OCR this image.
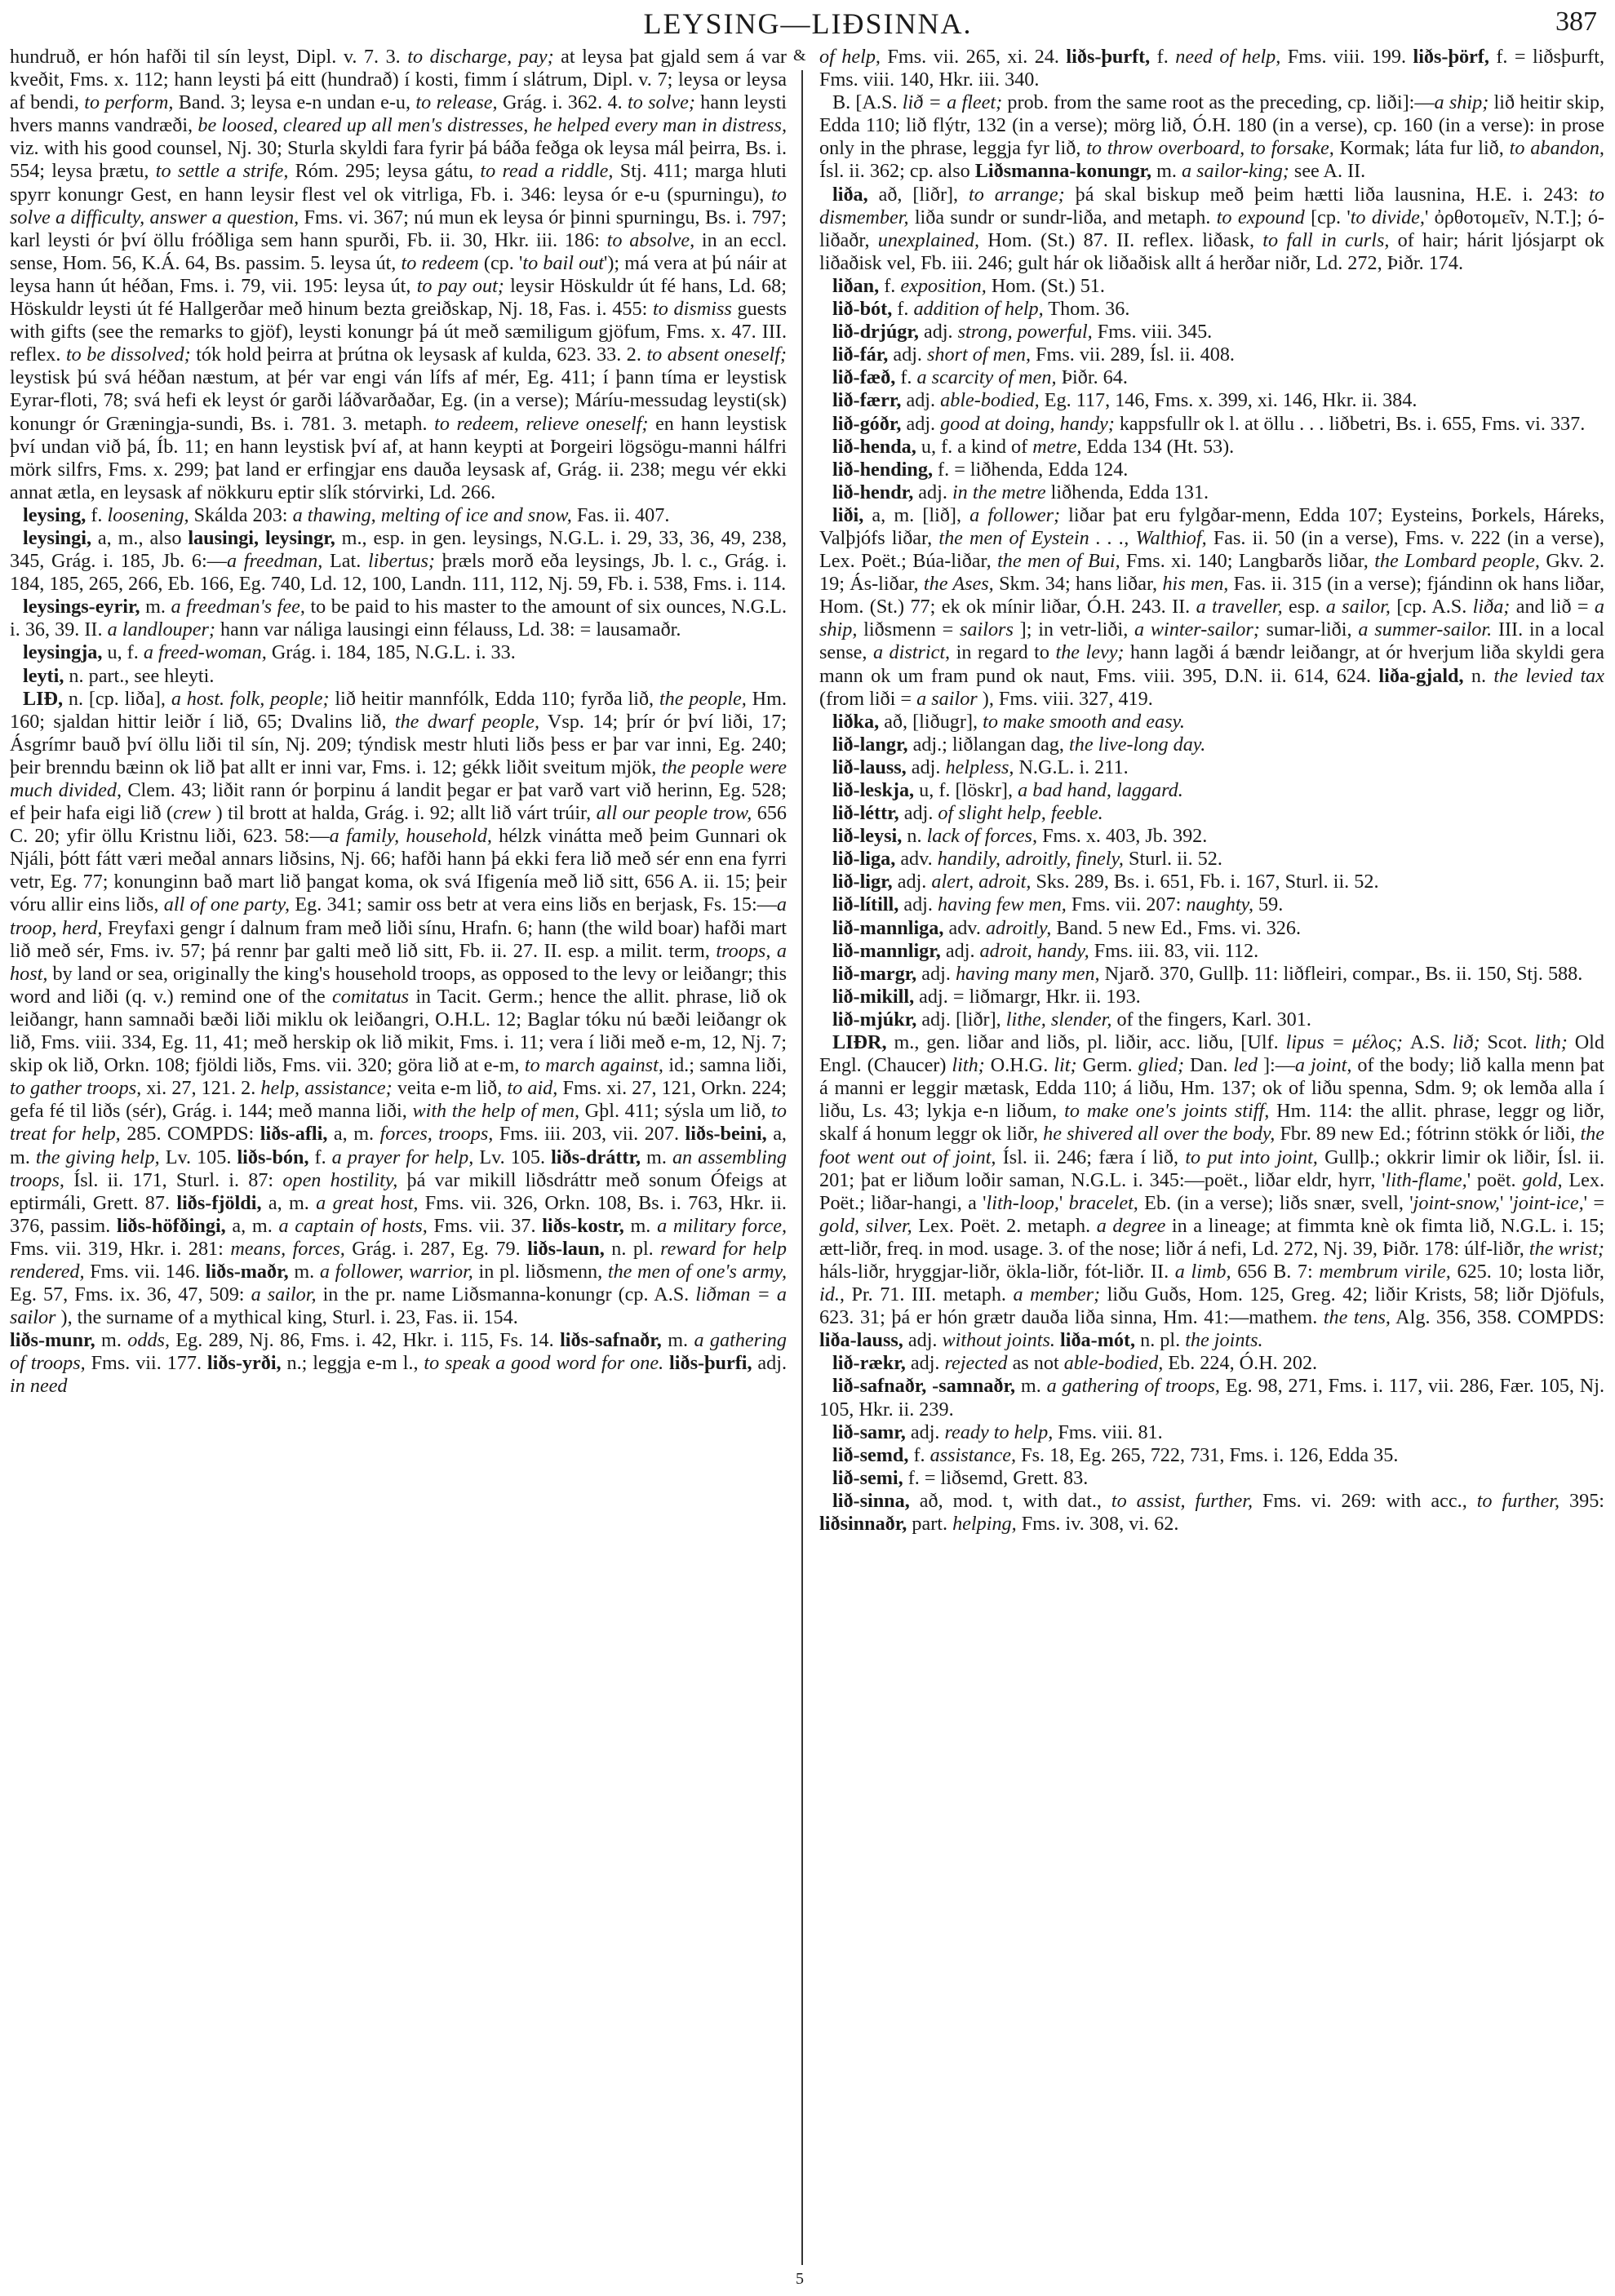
LEYSING—LIÐSINNA.	387
&

hundruð, er hón hafði til sín leyst, Dipl. v. 7. 3. to discharge, pay; at leysa þat gjald sem á var kveðit, Fms. x. 112; hann leysti þá eitt (hundrað) í kosti, fimm í slátrum, Dipl. v. 7; leysa or leysa af bendi, to perform, Band. 3; leysa e-n undan e-u, to release, Grág. i. 362. 4. to solve; hann leysti hvers manns vandræði, be loosed, cleared up all men's distresses, he helped every man in distress, viz. with his good counsel, Nj. 30; Sturla skyldi fara fyrir þá báða feðga ok leysa mál þeirra, Bs. i. 554; leysa þrætu, to settle a strife, Róm. 295; leysa gátu, to read a riddle, Stj. 411; marga hluti spyrr konungr Gest, en hann leysir flest vel ok vitrliga, Fb. i. 346: leysa ór e-u (spurningu), to solve a difficulty, answer a question, Fms. vi. 367; nú mun ek leysa ór þinni spurningu, Bs. i. 797; karl leysti ór því öllu fróðliga sem hann spurði, Fb. ii. 30, Hkr. iii. 186: to absolve, in an eccl. sense, Hom. 56, K.Á. 64, Bs. passim. 5. leysa út, to redeem (cp. 'to bail out'); má vera at þú náir at leysa hann út héðan, Fms. i. 79, vii. 195: leysa út, to pay out; leysir Höskuldr út fé hans, Ld. 68; Höskuldr leysti út fé Hallgerðar með hinum bezta greiðskap, Nj. 18, Fas. i. 455: to dismiss guests with gifts (see the remarks to gjöf), leysti konungr þá út með sæmiligum gjöfum, Fms. x. 47. III. reflex. to be dissolved; tók hold þeirra at þrútna ok leysask af kulda, 623. 33. 2. to absent oneself; leystisk þú svá héðan næstum, at þér var engi ván lífs af mér, Eg. 411; í þann tíma er leystisk Eyrar-floti, 78; svá hefi ek leyst ór garði láðvarðaðar, Eg. (in a verse); Máríu-messudag leysti(sk) konungr ór Græningja-sundi, Bs. i. 781. 3. metaph. to redeem, relieve oneself; en hann leystisk því undan við þá, Íb. 11; en hann leystisk því af, at hann keypti at Þorgeiri lögsögu-manni hálfri mörk silfrs, Fms. x. 299; þat land er erfingjar ens dauða leysask af, Grág. ii. 238; megu vér ekki annat ætla, en leysask af nökkuru eptir slík stórvirki, Ld. 266.

leysing, f. loosening, Skálda 203: a thawing, melting of ice and snow, Fas. ii. 407.

leysingi, a, m., also lausingi, leysingr, m., esp. in gen. leysings, N.G.L. i. 29, 33, 36, 49, 238, 345, Grág. i. 185, Jb. 6:—a freedman, Lat. libertus; þræls morð eða leysings, Jb. l. c., Grág. i. 184, 185, 265, 266, Eb. 166, Eg. 740, Ld. 12, 100, Landn. 111, 112, Nj. 59, Fb. i. 538, Fms. i. 114.

leysings-eyrir, m. a freedman's fee, to be paid to his master to the amount of six ounces, N.G.L. i. 36, 39. II. a landlouper; hann var náliga lausingi einn félauss, Ld. 38: = lausamaðr.

leysingja, u, f. a freed-woman, Grág. i. 184, 185, N.G.L. i. 33.

leyti, n. part., see hleyti.

LIÐ, n. [cp. liða], a host. folk, people; lið heitir mannfólk, Edda 110; fyrða lið, the people, Hm. 160; sjaldan hittir leiðr í lið, 65; Dvalins lið, the dwarf people, Vsp. 14; þrír ór því liði, 17; Ásgrímr bauð því öllu liði til sín, Nj. 209; týndisk mestr hluti liðs þess er þar var inni, Eg. 240; þeir brenndu bæinn ok lið þat allt er inni var, Fms. i. 12; gékk liðit sveitum mjök, the people were much divided, Clem. 43; liðit rann ór þorpinu á landit þegar er þat varð vart við herinn, Eg. 528; ef þeir hafa eigi lið (crew ) til brott at halda, Grág. i. 92; allt lið várt trúir, all our people trow, 656 C. 20; yfir öllu Kristnu liði, 623. 58:—a family, household, hélzk vinátta með þeim Gunnari ok Njáli, þótt fátt væri meðal annars liðsins, Nj. 66; hafði hann þá ekki fera lið með sér enn ena fyrri vetr, Eg. 77; konunginn bað mart lið þangat koma, ok svá Ifigenía með lið sitt, 656 A. ii. 15; þeir vóru allir eins liðs, all of one party, Eg. 341; samir oss betr at vera eins liðs en berjask, Fs. 15:—a troop, herd, Freyfaxi gengr í dalnum fram með liði sínu, Hrafn. 6; hann (the wild boar) hafði mart lið með sér, Fms. iv. 57; þá rennr þar galti með lið sitt, Fb. ii. 27. II. esp. a milit. term, troops, a host, by land or sea, originally the king's household troops, as opposed to the levy or leiðangr; this word and liði (q. v.) remind one of the comitatus in Tacit. Germ.; hence the allit. phrase, lið ok leiðangr, hann samnaði bæði liði miklu ok leiðangri, O.H.L. 12; Baglar tóku nú bæði leiðangr ok lið, Fms. viii. 334, Eg. 11, 41; með herskip ok lið mikit, Fms. i. 11; vera í liði með e-m, 12, Nj. 7; skip ok lið, Orkn. 108; fjöldi liðs, Fms. vii. 320; göra lið at e-m, to march against, id.; samna liði, to gather troops, xi. 27, 121. 2. help, assistance; veita e-m lið, to aid, Fms. xi. 27, 121, Orkn. 224; gefa fé til liðs (sér), Grág. i. 144; með manna liði, with the help of men, Gþl. 411; sýsla um lið, to treat for help, 285. COMPDS: liðs-afli, a, m. forces, troops, Fms. iii. 203, vii. 207. liðs-beini, a, m. the giving help, Lv. 105. liðs-bón, f. a prayer for help, Lv. 105. liðs-dráttr, m. an assembling troops, Ísl. ii. 171, Sturl. i. 87: open hostility, þá var mikill liðsdráttr með sonum Ófeigs at eptirmáli, Grett. 87. liðs-fjöldi, a, m. a great host, Fms. vii. 326, Orkn. 108, Bs. i. 763, Hkr. ii. 376, passim. liðs-höfðingi, a, m. a captain of hosts, Fms. vii. 37. liðs-kostr, m. a military force, Fms. vii. 319, Hkr. i. 281: means, forces, Grág. i. 287, Eg. 79. liðs-laun, n. pl. reward for help rendered, Fms. vii. 146. liðs-maðr, m. a follower, warrior, in pl. liðsmenn, the men of one's army, Eg. 57, Fms. ix. 36, 47, 509: a sailor, in the pr. name Liðsmanna-konungr (cp. A.S. liðman = a sailor ), the surname of a mythical king, Sturl. i. 23, Fas. ii. 154.

liðs-munr, m. odds, Eg. 289, Nj. 86, Fms. i. 42, Hkr. i. 115, Fs. 14. liðs-safnaðr, m. a gathering of troops, Fms. vii. 177. liðs-yrði, n.; leggja e-m l., to speak a good word for one. liðs-þurfi, adj. in need

of help, Fms. vii. 265, xi. 24. liðs-þurft, f. need of help, Fms. viii. 199. liðs-þörf, f. = liðsþurft, Fms. viii. 140, Hkr. iii. 340.

B. [A.S. lið = a fleet; prob. from the same root as the preceding, cp. liði]:—a ship; lið heitir skip, Edda 110; lið flýtr, 132 (in a verse); mörg lið, Ó.H. 180 (in a verse), cp. 160 (in a verse): in prose only in the phrase, leggja fyr lið, to throw overboard, to forsake, Kormak; láta fur lið, to abandon, Ísl. ii. 362; cp. also Liðsmanna-konungr, m. a sailor-king; see A. II.

liða, að, [liðr], to arrange; þá skal biskup með þeim hætti liða lausnina, H.E. i. 243: to dismember, liða sundr or sundr-liða, and metaph. to expound [cp. 'to divide,' ὀρθοτομεῖν, N.T.]; ó-liðaðr, unexplained, Hom. (St.) 87. II. reflex. liðask, to fall in curls, of hair; hárit ljósjarpt ok liðaðisk vel, Fb. iii. 246; gult hár ok liðaðisk allt á herðar niðr, Ld. 272, Þiðr. 174.

liðan, f. exposition, Hom. (St.) 51.

lið-bót, f. addition of help, Thom. 36.

lið-drjúgr, adj. strong, powerful, Fms. viii. 345.

lið-fár, adj. short of men, Fms. vii. 289, Ísl. ii. 408.

lið-fæð, f. a scarcity of men, Þiðr. 64.

lið-færr, adj. able-bodied, Eg. 117, 146, Fms. x. 399, xi. 146, Hkr. ii. 384.

lið-góðr, adj. good at doing, handy; kappsfullr ok l. at öllu . . . liðbetri, Bs. i. 655, Fms. vi. 337.

lið-henda, u, f. a kind of metre, Edda 134 (Ht. 53).

lið-hending, f. = liðhenda, Edda 124.

lið-hendr, adj. in the metre liðhenda, Edda 131.

liði, a, m. [lið], a follower; liðar þat eru fylgðar-menn, Edda 107; Eysteins, Þorkels, Háreks, Valþjófs liðar, the men of Eystein . . ., Walthiof, Fas. ii. 50 (in a verse), Fms. v. 222 (in a verse), Lex. Poët.; Búa-liðar, the men of Bui, Fms. xi. 140; Langbarðs liðar, the Lombard people, Gkv. 2. 19; Ás-liðar, the Ases, Skm. 34; hans liðar, his men, Fas. ii. 315 (in a verse); fjándinn ok hans liðar, Hom. (St.) 77; ek ok mínir liðar, Ó.H. 243. II. a traveller, esp. a sailor, [cp. A.S. liða; and lið = a ship, liðsmenn = sailors ]; in vetr-liði, a winter-sailor; sumar-liði, a summer-sailor. III. in a local sense, a district, in regard to the levy; hann lagði á bændr leiðangr, at ór hverjum liða skyldi gera mann ok um fram pund ok naut, Fms. viii. 395, D.N. ii. 614, 624. liða-gjald, n. the levied tax (from liði = a sailor ), Fms. viii. 327, 419.

liðka, að, [liðugr], to make smooth and easy.

lið-langr, adj.; liðlangan dag, the live-long day.

lið-lauss, adj. helpless, N.G.L. i. 211.

lið-leskja, u, f. [löskr], a bad hand, laggard.

lið-léttr, adj. of slight help, feeble.

lið-leysi, n. lack of forces, Fms. x. 403, Jb. 392.

lið-liga, adv. handily, adroitly, finely, Sturl. ii. 52.

lið-ligr, adj. alert, adroit, Sks. 289, Bs. i. 651, Fb. i. 167, Sturl. ii. 52.

lið-lítill, adj. having few men, Fms. vii. 207: naughty, 59.

lið-mannliga, adv. adroitly, Band. 5 new Ed., Fms. vi. 326.

lið-mannligr, adj. adroit, handy, Fms. iii. 83, vii. 112.

lið-margr, adj. having many men, Njarð. 370, Gullþ. 11: liðfleiri, compar., Bs. ii. 150, Stj. 588.

lið-mikill, adj. = liðmargr, Hkr. ii. 193.

lið-mjúkr, adj. [liðr], lithe, slender, of the fingers, Karl. 301.

LIÐR, m., gen. liðar and liðs, pl. liðir, acc. liðu, [Ulf. lipus = μέλος; A.S. lið; Scot. lith; Old Engl. (Chaucer) lith; O.H.G. lit; Germ. glied; Dan. led ]:—a joint, of the body; lið kalla menn þat á manni er leggir mætask, Edda 110; á liðu, Hm. 137; ok of liðu spenna, Sdm. 9; ok lemða alla í liðu, Ls. 43; lykja e-n liðum, to make one's joints stiff, Hm. 114: the allit. phrase, leggr og liðr, skalf á honum leggr ok liðr, he shivered all over the body, Fbr. 89 new Ed.; fótrinn stökk ór liði, the foot went out of joint, Ísl. ii. 246; færa í lið, to put into joint, Gullþ.; okkrir limir ok liðir, Ísl. ii. 201; þat er liðum loðir saman, N.G.L. i. 345:—poët., liðar eldr, hyrr, 'lith-flame,' poët. gold, Lex. Poët.; liðar-hangi, a 'lith-loop,' bracelet, Eb. (in a verse); liðs snær, svell, 'joint-snow,' 'joint-ice,' = gold, silver, Lex. Poët. 2. metaph. a degree in a lineage; at fimmta knè ok fimta lið, N.G.L. i. 15; ætt-liðr, freq. in mod. usage. 3. of the nose; liðr á nefi, Ld. 272, Nj. 39, Þiðr. 178: úlf-liðr, the wrist; háls-liðr, hryggjar-liðr, ökla-liðr, fót-liðr. II. a limb, 656 B. 7: membrum virile, 625. 10; losta liðr, id., Pr. 71. III. metaph. a member; liðu Guðs, Hom. 125, Greg. 42; liðir Krists, 58; liðr Djöfuls, 623. 31; þá er hón grætr dauða liða sinna, Hm. 41:—mathem. the tens, Alg. 356, 358. COMPDS: liða-lauss, adj. without joints. liða-mót, n. pl. the joints.

lið-rækr, adj. rejected as not able-bodied, Eb. 224, Ó.H. 202.

lið-safnaðr, -samnaðr, m. a gathering of troops, Eg. 98, 271, Fms. i. 117, vii. 286, Fær. 105, Nj. 105, Hkr. ii. 239.

lið-samr, adj. ready to help, Fms. viii. 81.

lið-semd, f. assistance, Fs. 18, Eg. 265, 722, 731, Fms. i. 126, Edda 35.

lið-semi, f. = liðsemd, Grett. 83.

lið-sinna, að, mod. t, with dat., to assist, further, Fms. vi. 269: with acc., to further, 395: liðsinnaðr, part. helping, Fms. iv. 308, vi. 62.

5
